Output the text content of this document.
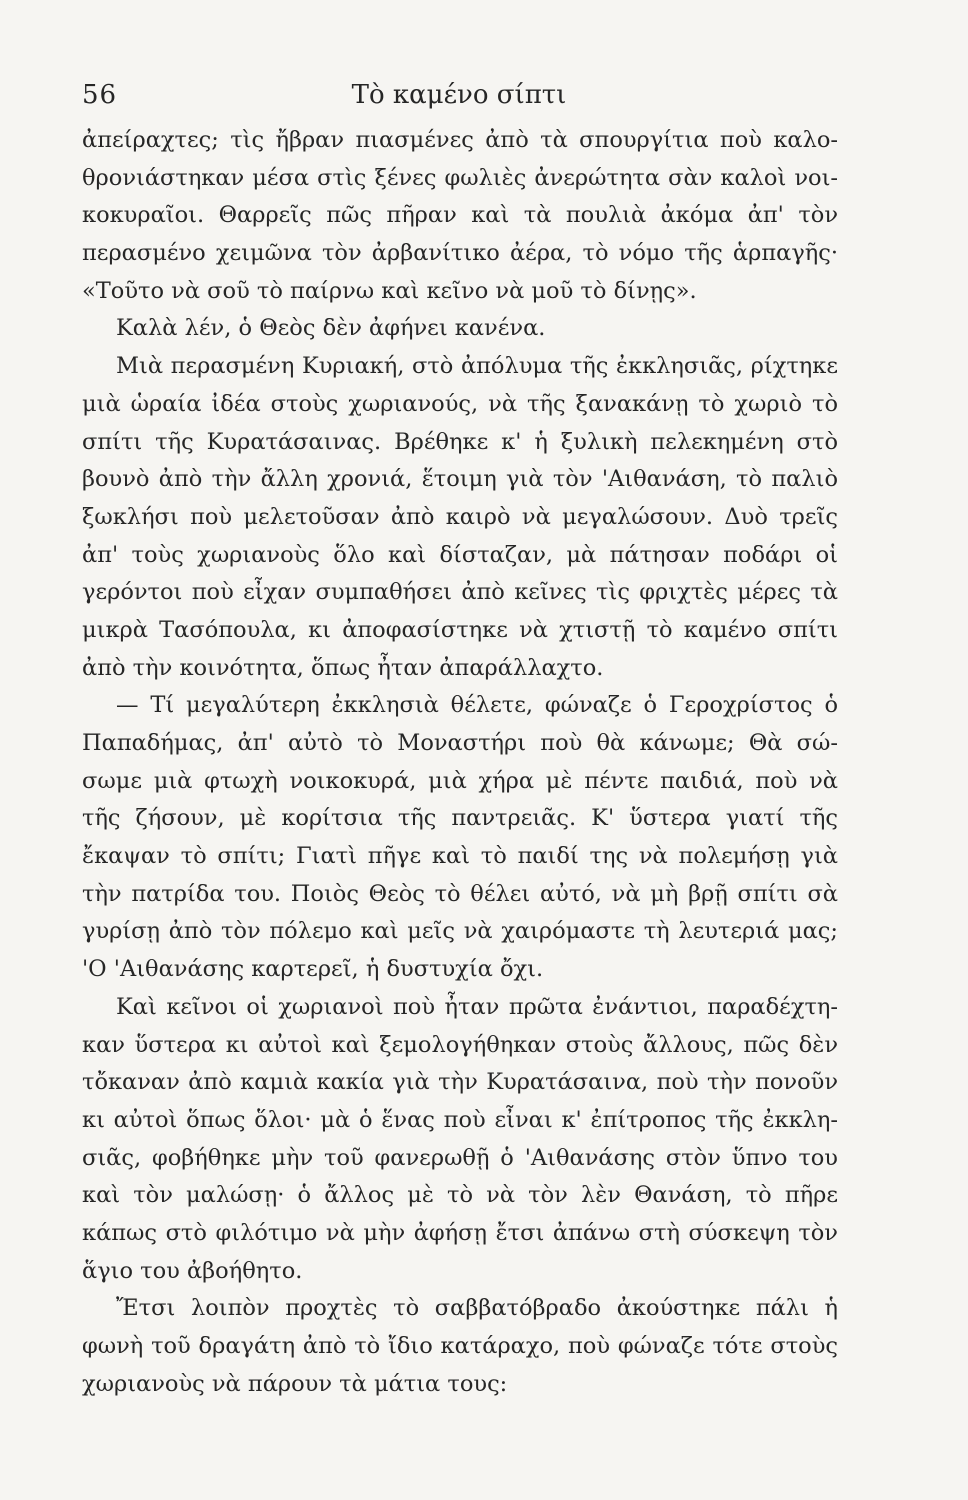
56	Τὸ καμένο σίπτι
ἀπείραχτες; τὶς ἤβραν πιασμένες ἀπὸ τὰ σπουργίτια ποὺ καλο-
θρονιάστηκαν μέσα στὶς ξένες φωλιὲς ἀνερώτητα σὰν καλοὶ νοι-
κοκυραῖοι. Θαρρεῖς πῶς πῆραν καὶ τὰ πουλιὰ ἀκόμα ἀπ' τὸν
περασμένο χειμῶνα τὸν ἀρβανίτικο ἀέρα, τὸ νόμο τῆς ἁρπαγῆς·
«Τοῦτο νὰ σοῦ τὸ παίρνω καὶ κεῖνο νὰ μοῦ τὸ δίνῃς».
Καλὰ λέν, ὁ Θεὸς δὲν ἀφήνει κανένα.
Μιὰ περασμένη Κυριακή, στὸ ἀπόλυμα τῆς ἐκκλησιᾶς, ρίχτηκε
μιὰ ὡραία ἰδέα στοὺς χωριανούς, νὰ τῆς ξανακάνῃ τὸ χωριὸ τὸ
σπίτι τῆς Κυρατάσαινας. Βρέθηκε κ' ἡ ξυλικὴ πελεκημένη στὸ
βουνὸ ἀπὸ τὴν ἄλλη χρονιά, ἕτοιμη γιὰ τὸν 'Αιθανάση, τὸ παλιὸ
ξωκλήσι ποὺ μελετοῦσαν ἀπὸ καιρὸ νὰ μεγαλώσουν. Δυὸ τρεῖς
ἀπ' τοὺς χωριανοὺς ὅλο καὶ δίσταζαν, μὰ πάτησαν ποδάρι οἱ
γερόντοι ποὺ εἶχαν συμπαθήσει ἀπὸ κεῖνες τὶς φριχτὲς μέρες τὰ
μικρὰ Τασόπουλα, κι ἀποφασίστηκε νὰ χτιστῇ τὸ καμένο σπίτι
ἀπὸ τὴν κοινότητα, ὅπως ἦταν ἀπαράλλαχτο.
— Τί μεγαλύτερη ἐκκλησιὰ θέλετε, φώναζε ὁ Γεροχρίστος ὁ
Παπαδήμας, ἀπ' αὐτὸ τὸ Μοναστήρι ποὺ θὰ κάνωμε; Θὰ σώ-
σωμε μιὰ φτωχὴ νοικοκυρά, μιὰ χήρα μὲ πέντε παιδιά, ποὺ νὰ
τῆς ζήσουν, μὲ κορίτσια τῆς παντρειᾶς. Κ' ὕστερα γιατί τῆς
ἔκαψαν τὸ σπίτι; Γιατὶ πῆγε καὶ τὸ παιδί της νὰ πολεμήσῃ γιὰ
τὴν πατρίδα του. Ποιὸς Θεὸς τὸ θέλει αὐτό, νὰ μὴ βρῇ σπίτι σὰ
γυρίσῃ ἀπὸ τὸν πόλεμο καὶ μεῖς νὰ χαιρόμαστε τὴ λευτεριά μας;
'Ο 'Αιθανάσης καρτερεῖ, ἡ δυστυχία ὄχι.
Καὶ κεῖνοι οἱ χωριανοὶ ποὺ ἦταν πρῶτα ἐνάντιοι, παραδέχτη-
καν ὕστερα κι αὐτοὶ καὶ ξεμολογήθηκαν στοὺς ἄλλους, πῶς δὲν
τὄκαναν ἀπὸ καμιὰ κακία γιὰ τὴν Κυρατάσαινα, ποὺ τὴν πονοῦν
κι αὐτοὶ ὅπως ὅλοι· μὰ ὁ ἕνας ποὺ εἶναι κ' ἐπίτροπος τῆς ἐκκλη-
σιᾶς, φοβήθηκε μὴν τοῦ φανερωθῇ ὁ 'Αιθανάσης στὸν ὕπνο του
καὶ τὸν μαλώσῃ· ὁ ἄλλος μὲ τὸ νὰ τὸν λὲν Θανάση, τὸ πῆρε
κάπως στὸ φιλότιμο νὰ μὴν ἀφήσῃ ἔτσι ἀπάνω στὴ σύσκεψη τὸν
ἅγιο του ἀβοήθητο.
Ἔτσι λοιπὸν προχτὲς τὸ σαββατόβραδο ἀκούστηκε πάλι ἡ
φωνὴ τοῦ δραγάτη ἀπὸ τὸ ἴδιο κατάραχο, ποὺ φώναζε τότε στοὺς
χωριανοὺς νὰ πάρουν τὰ μάτια τους:
